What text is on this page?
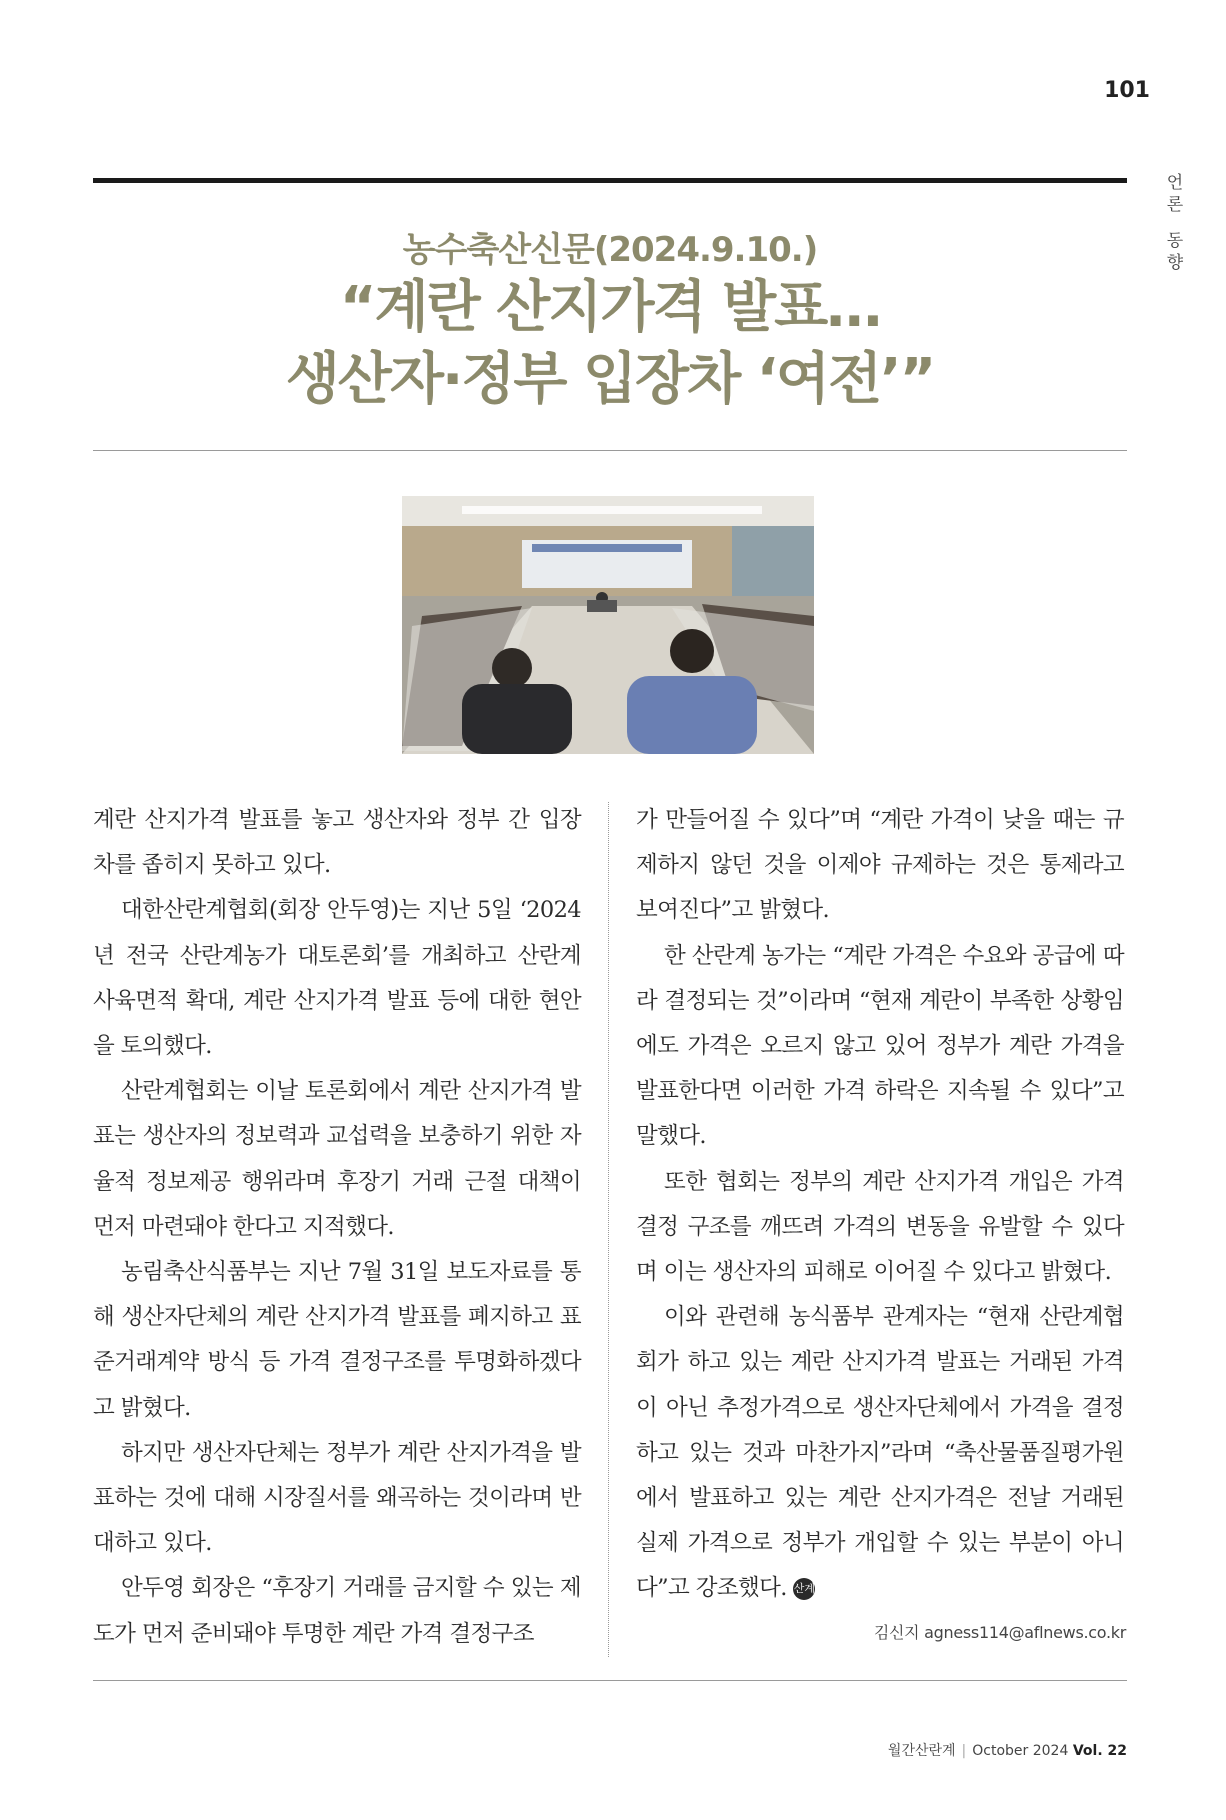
101
언
론
동
향
농수축산신문(2024.9.10.)
“계란 산지가격 발표…
생산자·정부 입장차 ‘여전’”

계란 산지가격 발표를 놓고 생산자와 정부 간 입장차를 좁히지 못하고 있다.

대한산란계협회(회장 안두영)는 지난 5일 ‘2024년 전국 산란계농가 대토론회’를 개최하고 산란계 사육면적 확대, 계란 산지가격 발표 등에 대한 현안을 토의했다.

산란계협회는 이날 토론회에서 계란 산지가격 발표는 생산자의 정보력과 교섭력을 보충하기 위한 자율적 정보제공 행위라며 후장기 거래 근절 대책이 먼저 마련돼야 한다고 지적했다.

농림축산식품부는 지난 7월 31일 보도자료를 통해 생산자단체의 계란 산지가격 발표를 폐지하고 표준거래계약 방식 등 가격 결정구조를 투명화하겠다고 밝혔다.

하지만 생산자단체는 정부가 계란 산지가격을 발표하는 것에 대해 시장질서를 왜곡하는 것이라며 반대하고 있다.

안두영 회장은 “후장기 거래를 금지할 수 있는 제도가 먼저 준비돼야 투명한 계란 가격 결정구조

가 만들어질 수 있다”며 “계란 가격이 낮을 때는 규제하지 않던 것을 이제야 규제하는 것은 통제라고 보여진다”고 밝혔다.

한 산란계 농가는 “계란 가격은 수요와 공급에 따라 결정되는 것”이라며 “현재 계란이 부족한 상황임에도 가격은 오르지 않고 있어 정부가 계란 가격을 발표한다면 이러한 가격 하락은 지속될 수 있다”고 말했다.

또한 협회는 정부의 계란 산지가격 개입은 가격 결정 구조를 깨뜨려 가격의 변동을 유발할 수 있다며 이는 생산자의 피해로 이어질 수 있다고 밝혔다.

이와 관련해 농식품부 관계자는 “현재 산란계협회가 하고 있는 계란 산지가격 발표는 거래된 가격이 아닌 추정가격으로 생산자단체에서 가격을 결정하고 있는 것과 마찬가지”라며 “축산물품질평가원에서 발표하고 있는 계란 산지가격은 전날 거래된 실제 가격으로 정부가 개입할 수 있는 부분이 아니다”고 강조했다. 산계

김신지 agness114@aflnews.co.kr
월간산란계 | October 2024 Vol. 22
